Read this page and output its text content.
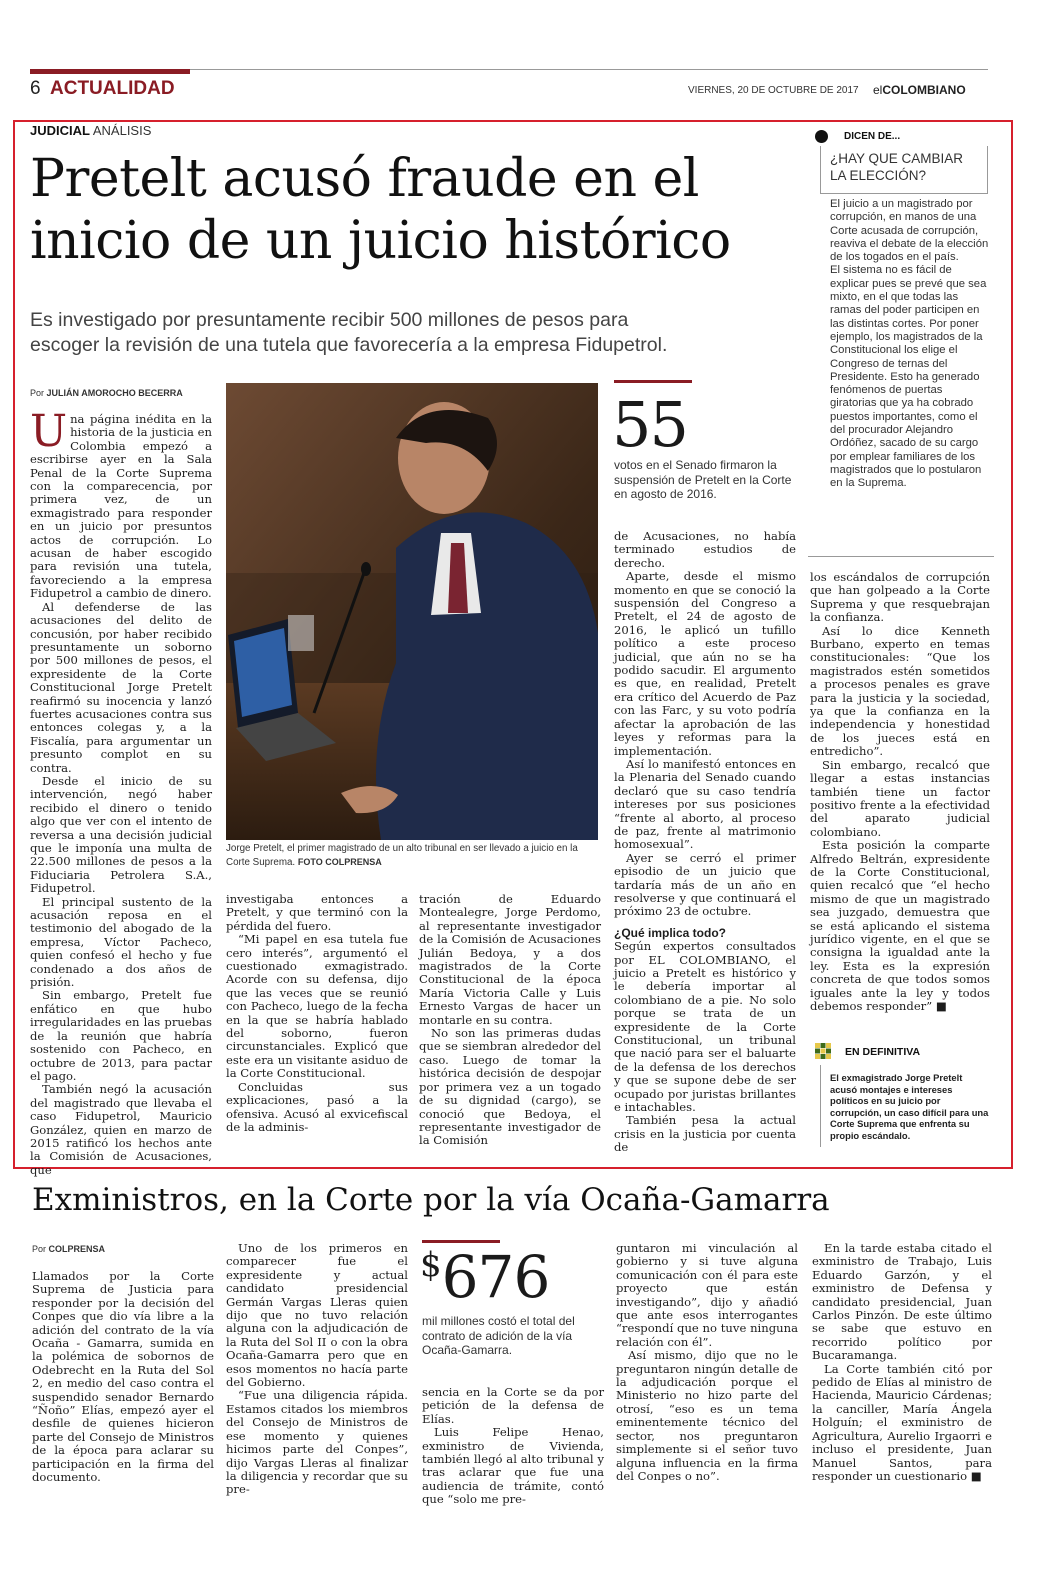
6 ACTUALIDAD	VIERNES, 20 DE OCTUBRE DE 2017 elCOLOMBIANO
JUDICIAL ANÁLISIS
Pretelt acusó fraude en el
inicio de un juicio histórico
Es investigado por presuntamente recibir 500 millones de pesos para
escoger la revisión de una tutela que favorecería a la empresa Fidupetrol.
Por JULIÁN AMOROCHO BECERRA

Una página inédita en la historia de la justicia en Colombia empezó a escribirse ayer en la Sala Penal de la Corte Suprema con la comparecencia, por primera vez, de un exmagistrado para responder en un juicio por presuntos actos de corrupción. Lo acusan de haber escogido para revisión una tutela, favoreciendo a la empresa Fidupetrol a cambio de dinero.

Al defenderse de las acusaciones del delito de concusión, por haber recibido presuntamente un soborno por 500 millones de pesos, el expresidente de la Corte Constitucional Jorge Pretelt reafirmó su inocencia y lanzó fuertes acusaciones contra sus entonces colegas y, a la Fiscalía, para argumentar un presunto complot en su contra.

Desde el inicio de su intervención, negó haber recibido el dinero o tenido algo que ver con el intento de reversa a una decisión judicial que le imponía una multa de 22.500 millones de pesos a la Fiduciaria Petrolera S.A., Fidupetrol.

El principal sustento de la acusación reposa en el testimonio del abogado de la empresa, Víctor Pacheco, quien confesó el hecho y fue condenado a dos años de prisión.

Sin embargo, Pretelt fue enfático en que hubo irregularidades en las pruebas de la reunión que habría sostenido con Pacheco, en octubre de 2013, para pactar el pago.

También negó la acusación del magistrado que llevaba el caso Fidupetrol, Mauricio González, quien en marzo de 2015 ratificó los hechos ante la Comisión de Acusaciones, que

Jorge Pretelt, el primer magistrado de un alto tribunal en ser llevado a juicio en la Corte Suprema. FOTO COLPRENSA

investigaba entonces a Pretelt, y que terminó con la pérdida del fuero.

“Mi papel en esa tutela fue cero interés”, argumentó el cuestionado exmagistrado. Acorde con su defensa, dijo que las veces que se reunió con Pacheco, luego de la fecha en la que se habría hablado del soborno, fueron circunstanciales. Explicó que este era un visitante asiduo de la Corte Constitucional.

Concluidas sus explicaciones, pasó a la ofensiva. Acusó al exvicefiscal de la adminis-

tración de Eduardo Montealegre, Jorge Perdomo, al representante investigador de la Comisión de Acusaciones Julián Bedoya, y a dos magistrados de la Corte Constitucional de la época María Victoria Calle y Luis Ernesto Vargas de hacer un montarle en su contra.

No son las primeras dudas que se siembran alrededor del caso. Luego de tomar la histórica decisión de despojar por primera vez a un togado de su dignidad (cargo), se conoció que Bedoya, el representante investigador de la Comisión

55
votos en el Senado firmaron la suspensión de Pretelt en la Corte en agosto de 2016.

de Acusaciones, no había terminado estudios de derecho.

Aparte, desde el mismo momento en que se conoció la suspensión del Congreso a Pretelt, el 24 de agosto de 2016, le aplicó un tufillo político a este proceso judicial, que aún no se ha podido sacudir. El argumento es que, en realidad, Pretelt era crítico del Acuerdo de Paz con las Farc, y su voto podría afectar la aprobación de las leyes y reformas para la implementación.

Así lo manifestó entonces en la Plenaria del Senado cuando declaró que su caso tendría intereses por sus posiciones “frente al aborto, al proceso de paz, frente al matrimonio homosexual”.

Ayer se cerró el primer episodio de un juicio que tardaría más de un año en resolverse y que continuará el próximo 23 de octubre.

¿Qué implica todo?

Según expertos consultados por EL COLOMBIANO, el juicio a Pretelt es histórico y le debería importar al colombiano de a pie. No solo porque se trata de un expresidente de la Corte Constitucional, un tribunal que nació para ser el baluarte de la defensa de los derechos y que se supone debe de ser ocupado por juristas brillantes e intachables.

También pesa la actual crisis en la justicia por cuenta de

DICEN DE...
¿HAY QUE CAMBIAR
LA ELECCIÓN?

El juicio a un magistrado por corrupción, en manos de una Corte acusada de corrupción, reaviva el debate de la elección de los togados en el país.

El sistema no es fácil de explicar pues se prevé que sea mixto, en el que todas las ramas del poder participen en las distintas cortes. Por poner ejemplo, los magistrados de la Constitucional los elige el Congreso de ternas del Presidente. Esto ha generado fenómenos de puertas giratorias que ya ha cobrado puestos importantes, como el del procurador Alejandro Ordóñez, sacado de su cargo por emplear familiares de los magistrados que lo postularon en la Suprema.

los escándalos de corrupción que han golpeado a la Corte Suprema y que resquebrajan la confianza.

Así lo dice Kenneth Burbano, experto en temas constitucionales: “Que los magistrados estén sometidos a procesos penales es grave para la justicia y la sociedad, ya que la confianza en la independencia y honestidad de los jueces está en entredicho”.

Sin embargo, recalcó que llegar a estas instancias también tiene un factor positivo frente a la efectividad del aparato judicial colombiano.

Esta posición la comparte Alfredo Beltrán, expresidente de la Corte Constitucional, quien recalcó que “el hecho mismo de que un magistrado sea juzgado, demuestra que se está aplicando el sistema jurídico vigente, en el que se consigna la igualdad ante la ley. Esta es la expresión concreta de que todos somos iguales ante la ley y todos debemos responder” ■

EN DEFINITIVA
El exmagistrado Jorge Pretelt acusó montajes e intereses políticos en su juicio por corrupción, un caso difícil para una Corte Suprema que enfrenta su propio escándalo.
Exministros, en la Corte por la vía Ocaña-Gamarra
Por COLPRENSA

Llamados por la Corte Suprema de Justicia para responder por la decisión del Conpes que dio vía libre a la adición del contrato de la vía Ocaña - Gamarra, sumida en la polémica de sobornos de Odebrecht en la Ruta del Sol 2, en medio del caso contra el suspendido senador Bernardo “Ñoño” Elías, empezó ayer el desfile de quienes hicieron parte del Consejo de Ministros de la época para aclarar su participación en la firma del documento.

Uno de los primeros en comparecer fue el expresidente y actual candidato presidencial Germán Vargas Lleras quien dijo que no tuvo relación alguna con la adjudicación de la Ruta del Sol II o con la obra Ocaña-Gamarra pero que en esos momentos no hacía parte del Gobierno.

“Fue una diligencia rápida. Estamos citados los miembros del Consejo de Ministros de ese momento y quienes hicimos parte del Conpes”, dijo Vargas Lleras al finalizar la diligencia y recordar que su pre-

$676
mil millones costó el total del contrato de adición de la vía Ocaña-Gamarra.

sencia en la Corte se da por petición de la defensa de Elías.

Luis Felipe Henao, exministro de Vivienda, también llegó al alto tribunal y tras aclarar que fue una audiencia de trámite, contó que “solo me pre-

guntaron mi vinculación al gobierno y si tuve alguna comunicación con él para este proyecto que están investigando”, dijo y añadió que ante esos interrogantes “respondí que no tuve ninguna relación con él”.

Así mismo, dijo que no le preguntaron ningún detalle de la adjudicación porque el Ministerio no hizo parte del otrosí, “eso es un tema eminentemente técnico del sector, nos preguntaron simplemente si el señor tuvo alguna influencia en la firma del Conpes o no”.

En la tarde estaba citado el exministro de Trabajo, Luis Eduardo Garzón, y el exministro de Defensa y candidato presidencial, Juan Carlos Pinzón. De este último se sabe que estuvo en recorrido político por Bucaramanga.

La Corte también citó por pedido de Elías al ministro de Hacienda, Mauricio Cárdenas; la canciller, María Ángela Holguín; el exministro de Agricultura, Aurelio Irgaorri e incluso el presidente, Juan Manuel Santos, para responder un cuestionario ■
